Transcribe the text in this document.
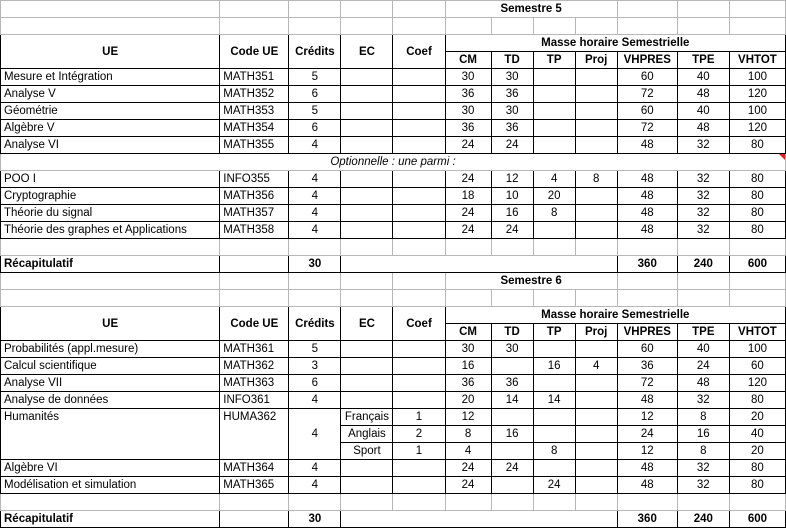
					Semestre 5						

UE	Code UE	Crédits	EC	Coef	Masse horaire Semestrielle						
					CM	TD	TP	Proj	VHPRES	TPE	VHTOT
Mesure et Intégration	MATH351	5			30	30			60	40	100
Analyse V	MATH352	6			36	36			72	48	120
Géométrie	MATH353	5			30	30			60	40	100
Algèbre V	MATH354	6			36	36			72	48	120
Analyse VI	MATH355	4			24	24			48	32	80
Optionnelle : une parmi :											
POO I	INFO355	4			24	12	4	8	48	32	80
Cryptographie	MATH356	4			18	10	20		48	32	80
Théorie du signal	MATH357	4			24	16	8		48	32	80
Théorie des graphes et Applications	MATH358	4			24	24			48	32	80

Récapitulatif		30							360	240	600
					Semestre 6						

UE	Code UE	Crédits	EC	Coef	Masse horaire Semestrielle						
					CM	TD	TP	Proj	VHPRES	TPE	VHTOT
Probabilités (appl.mesure)	MATH361	5			30	30			60	40	100
Calcul scientifique	MATH362	3			16		16	4	36	24	60
Analyse VII	MATH363	6			36	36			72	48	120
Analyse de données	INFO361	4			20	14	14		48	32	80
Humanités	HUMA362	4	Français	1	12				12	8	20
			Anglais	2	8	16			24	16	40
			Sport	1	4		8		12	8	20
Algèbre VI	MATH364	4			24	24			48	32	80
Modélisation et simulation	MATH365	4			24		24		48	32	80

Récapitulatif		30							360	240	600
